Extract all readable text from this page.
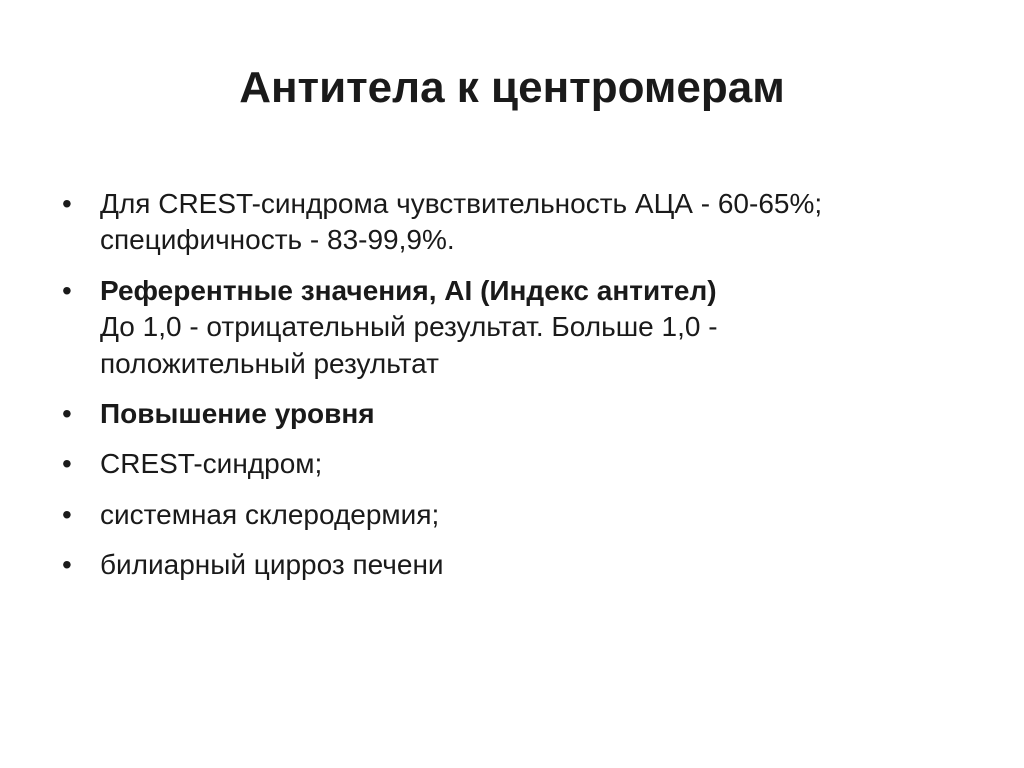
Антитела к центромерам
• Для CREST-синдрома чувствительность АЦА - 60-65%; специфичность - 83-99,9%.
• Референтные значения, AI (Индекс антител)
До 1,0 - отрицательный результат. Больше 1,0 - положительный результат
• Повышение уровня
• CREST-синдром;
• системная склеродермия;
• билиарный цирроз печени
